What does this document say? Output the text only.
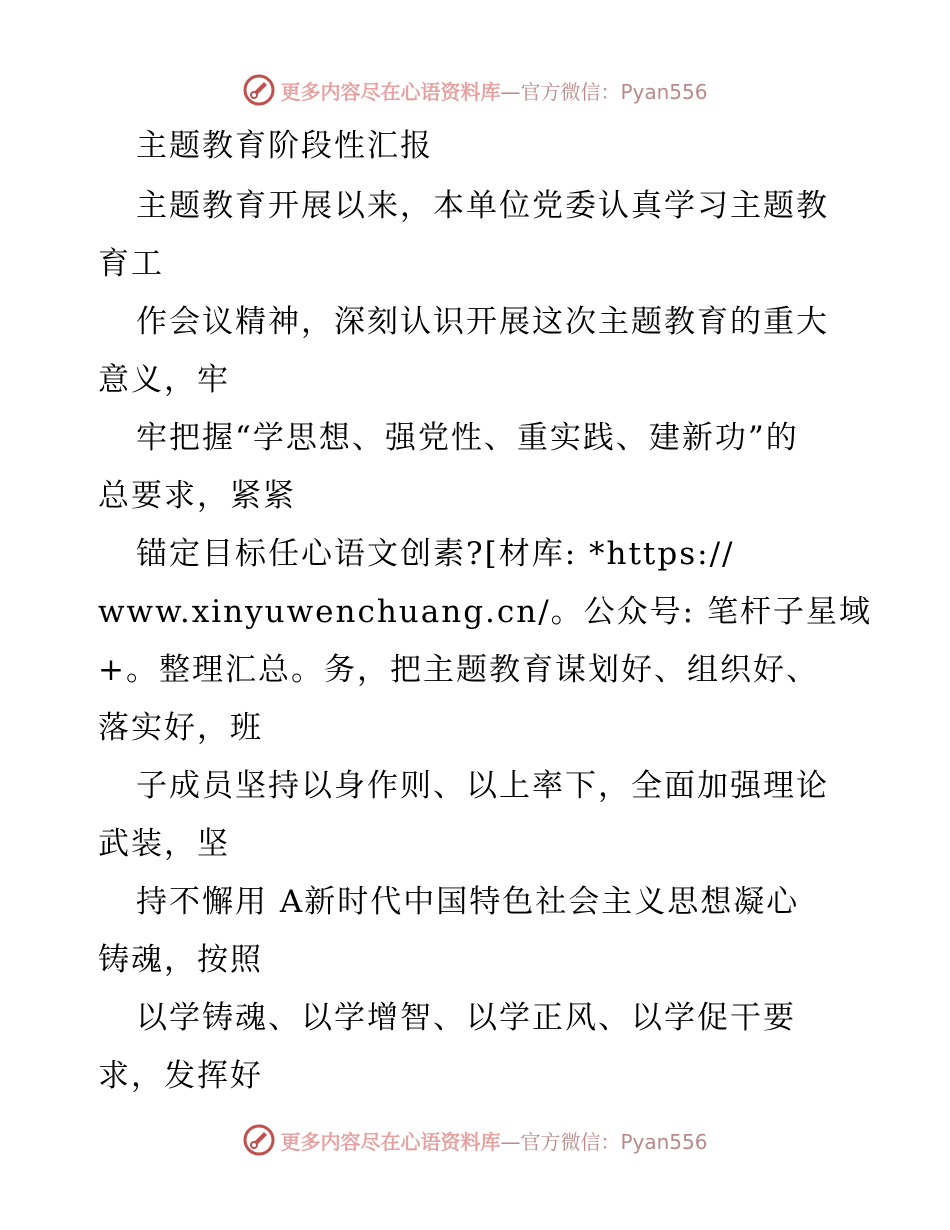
更多内容尽在心语资料库—官方微信：Pyan556
主题教育阶段性汇报
主题教育开展以来，本单位党委认真学习主题教
育工
作会议精神，深刻认识开展这次主题教育的重大
意义，牢
牢把握“学思想、强党性、重实践、建新功”的
总要求，紧紧
锚定目标任心语文创素?[材库: *https://
www.xinyuwenchuang.cn/。公众号: 笔杆子星域
+。整理汇总。务，把主题教育谋划好、组织好、
落实好，班
子成员坚持以身作则、以上率下，全面加强理论
武装，坚
持不懈用 A新时代中国特色社会主义思想凝心
铸魂，按照
以学铸魂、以学增智、以学正风、以学促干要
求，发挥好
更多内容尽在心语资料库—官方微信：Pyan556
